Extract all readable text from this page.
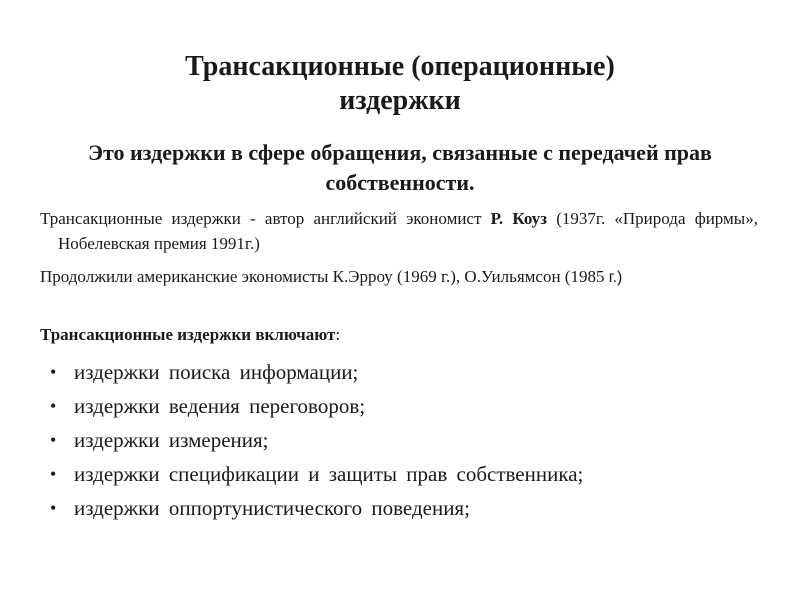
Трансакционные (операционные)
издержки

Это издержки в сфере обращения, связанные с передачей прав собственности.

Трансакционные издержки - автор английский экономист Р. Коуз (1937г. «Природа фирмы», Нобелевская премия 1991г.)

Продолжили американские экономисты К.Эрроу (1969 г.), О.Уильямсон (1985 г.)

Трансакционные издержки включают:

• издержки поиска информации;
• издержки ведения переговоров;
• издержки измерения;
• издержки спецификации и защиты прав собственника;
• издержки оппортунистического поведения;
